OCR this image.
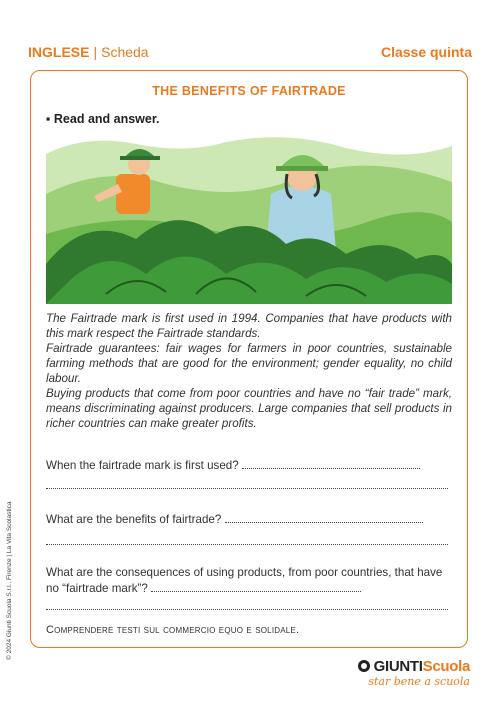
INGLESE | Scheda	Classe quinta
THE BENEFITS OF FAIRTRADE
▪ Read and answer.

The Fairtrade mark is first used in 1994. Companies that have products with this mark respect the Fairtrade standards.

Fairtrade guarantees: fair wages for farmers in poor countries, sustainable farming methods that are good for the environment; gender equality, no child labour.

Buying products that come from poor countries and have no “fair trade” mark, means discriminating against producers. Large companies that sell products in richer countries can make greater profits.

When the fairtrade mark is first used?
What are the benefits of fairtrade?
What are the consequences of using products, from poor countries, that have no “fairtrade mark”?
Comprendere testi sul commercio equo e solidale.
© 2024 Giunti Scuola S.r.l., Firenze | La Vita Scolastica
GIUNTIScuola
star bene a scuola
